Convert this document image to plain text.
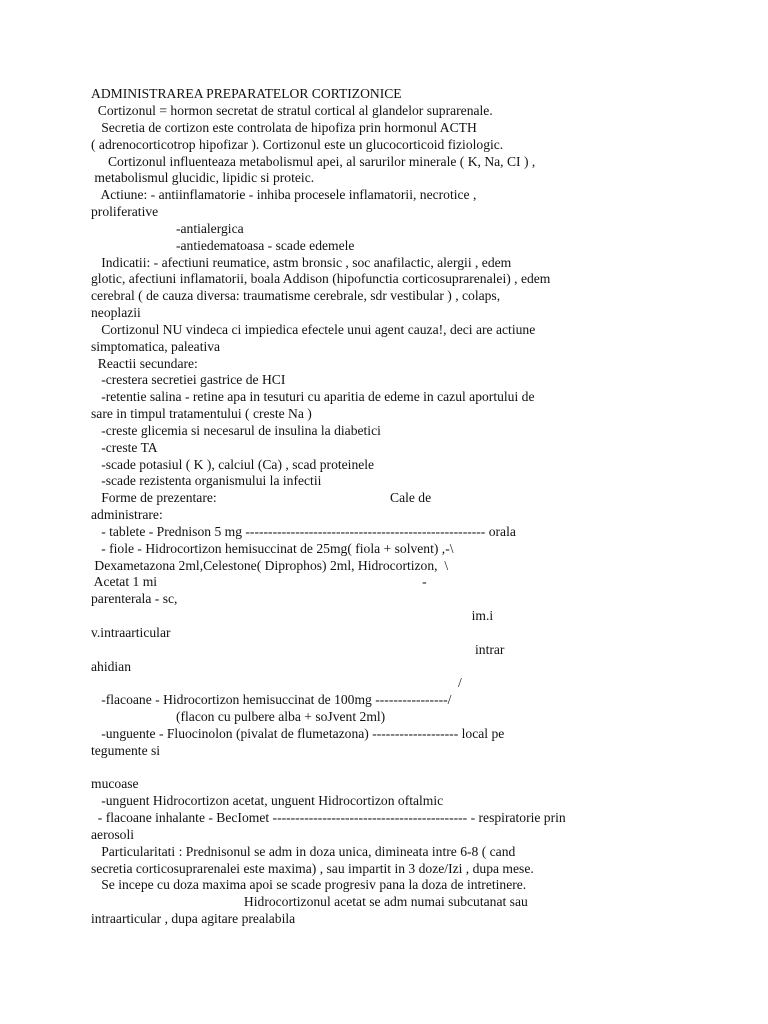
ADMINISTRAREA PREPARATELOR CORTIZONICE
Cortizonul = hormon secretat de stratul cortical al glandelor suprarenale.
Secretia de cortizon este controlata de hipofiza prin hormonul ACTH
( adrenocorticotrop hipofizar ). Cortizonul este un glucocorticoid fiziologic.
Cortizonul influenteaza metabolismul apei, al sarurilor minerale ( K, Na, CI ) ,
metabolismul glucidic, lipidic si proteic.
Actiune: - antiinflamatorie - inhiba procesele inflamatorii, necrotice ,
proliferative
-antialergica
-antiedematoasa - scade edemele
Indicatii: - afectiuni reumatice, astm bronsic , soc anafilactic, alergii , edem
glotic, afectiuni inflamatorii, boala Addison (hipofunctia corticosuprarenalei) , edem
cerebral ( de cauza diversa: traumatisme cerebrale, sdr vestibular ) , colaps,
neoplazii
Cortizonul NU vindeca ci impiedica efectele unui agent cauza!, deci are actiune
simptomatica, paleativa
Reactii secundare:
-crestera secretiei gastrice de HCI
-retentie salina - retine apa in tesuturi cu aparitia de edeme in cazul aportului de
sare in timpul tratamentului ( creste Na )
-creste glicemia si necesarul de insulina la diabetici
-creste TA
-scade potasiul ( K ), calciul (Ca) , scad proteinele
-scade rezistenta organismului la infectii
Forme de prezentare:                                                   Cale de
administrare:
- tablete - Prednison 5 mg ----------------------------------------------------- orala
- fiole - Hidrocortizon hemisuccinat de 25mg( fiola + solvent) ,-\
Dexametazona 2ml,Celestone( Diprophos) 2ml, Hidrocortizon,  \
Acetat 1 mi                                                                              -
parenterala - sc,
im.i
v.intraarticular
intrar
ahidian
/
-flacoane - Hidrocortizon hemisuccinat de 100mg ----------------/
(flacon cu pulbere alba + soJvent 2ml)
-unguente - Fluocinolon (pivalat de flumetazona) ------------------- local pe
tegumente si
mucoase
-unguent Hidrocortizon acetat, unguent Hidrocortizon oftalmic
- flacoane inhalante - BecIomet ------------------------------------------- - respiratorie prin
aerosoli
Particularitati : Prednisonul se adm in doza unica, dimineata intre 6-8 ( cand
secretia corticosuprarenalei este maxima) , sau impartit in 3 doze/Izi , dupa mese.
Se incepe cu doza maxima apoi se scade progresiv pana la doza de intretinere.
Hidrocortizonul acetat se adm numai subcutanat sau
intraarticular , dupa agitare prealabila
